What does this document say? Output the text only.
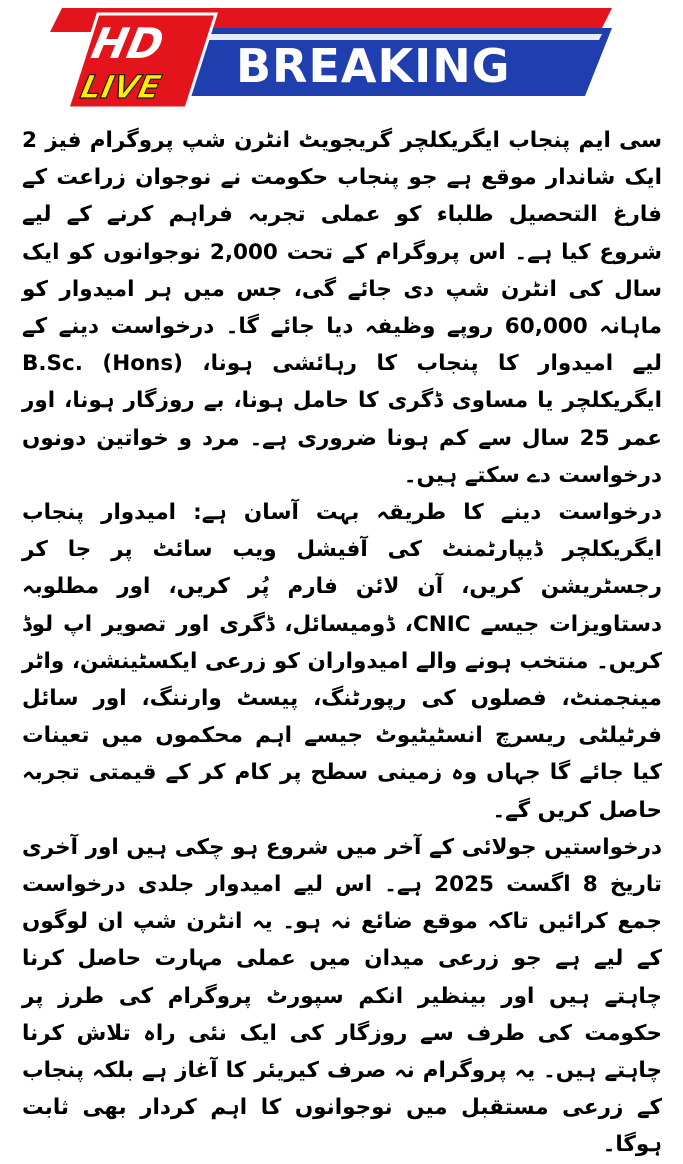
HD
LIVE BREAKING

سی ایم پنجاب ایگریکلچر گریجویٹ انٹرن شپ پروگرام فیز 2 ایک شاندار موقع ہے جو پنجاب حکومت نے نوجوان زراعت کے فارغ التحصیل طلباء کو عملی تجربہ فراہم کرنے کے لیے شروع کیا ہے۔ اس پروگرام کے تحت 2,000 نوجوانوں کو ایک سال کی انٹرن شپ دی جائے گی، جس میں ہر امیدوار کو ماہانہ 60,000 روپے وظیفہ دیا جائے گا۔ درخواست دینے کے لیے امیدوار کا پنجاب کا رہائشی ہونا، B.Sc. (Hons) ایگریکلچر یا مساوی ڈگری کا حامل ہونا، بے روزگار ہونا، اور عمر 25 سال سے کم ہونا ضروری ہے۔ مرد و خواتین دونوں درخواست دے سکتے ہیں۔

درخواست دینے کا طریقہ بہت آسان ہے: امیدوار پنجاب ایگریکلچر ڈیپارٹمنٹ کی آفیشل ویب سائٹ پر جا کر رجسٹریشن کریں، آن لائن فارم پُر کریں، اور مطلوبہ دستاویزات جیسے CNIC، ڈومیسائل، ڈگری اور تصویر اپ لوڈ کریں۔ منتخب ہونے والے امیدواران کو زرعی ایکسٹینشن، واٹر مینجمنٹ، فصلوں کی رپورٹنگ، پیسٹ وارننگ، اور سائل فرٹیلٹی ریسرچ انسٹیٹیوٹ جیسے اہم محکموں میں تعینات کیا جائے گا جہاں وہ زمینی سطح پر کام کر کے قیمتی تجربہ حاصل کریں گے۔

درخواستیں جولائی کے آخر میں شروع ہو چکی ہیں اور آخری تاریخ 8 اگست 2025 ہے۔ اس لیے امیدوار جلدی درخواست جمع کرائیں تاکہ موقع ضائع نہ ہو۔ یہ انٹرن شپ ان لوگوں کے لیے ہے جو زرعی میدان میں عملی مہارت حاصل کرنا چاہتے ہیں اور بینظیر انکم سپورٹ پروگرام کی طرز پر حکومت کی طرف سے روزگار کی ایک نئی راہ تلاش کرنا چاہتے ہیں۔ یہ پروگرام نہ صرف کیریئر کا آغاز ہے بلکہ پنجاب کے زرعی مستقبل میں نوجوانوں کا اہم کردار بھی ثابت ہوگا۔
